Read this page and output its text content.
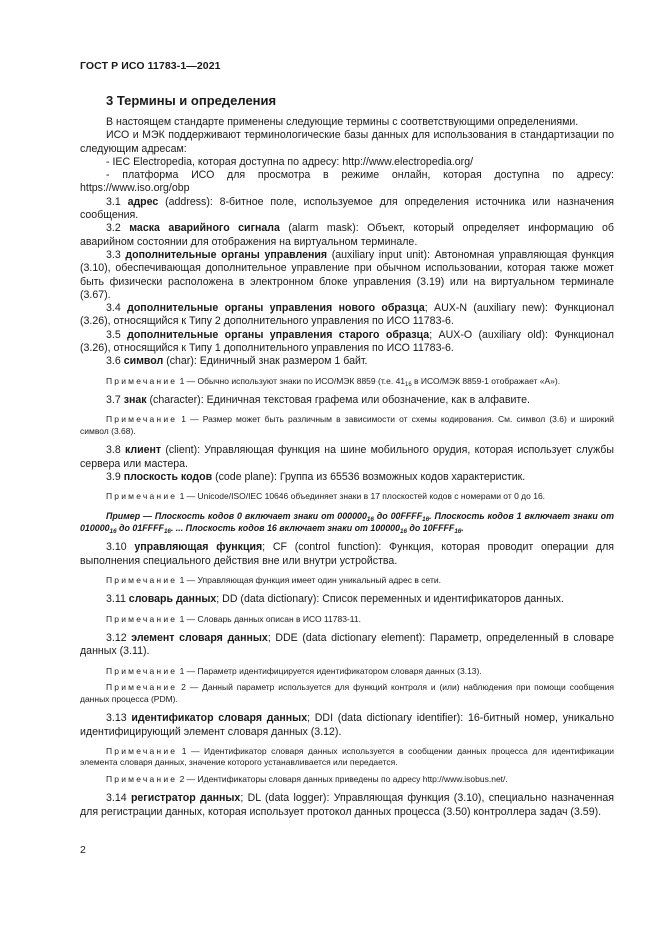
ГОСТ Р ИСО 11783-1—2021
3 Термины и определения

В настоящем стандарте применены следующие термины с соответствующими определениями.

ИСО и МЭК поддерживают терминологические базы данных для использования в стандартизации по следующим адресам:

- IEC Electropedia, которая доступна по адресу: http://www.electropedia.org/

- платформа ИСО для просмотра в режиме онлайн, которая доступна по адресу: https://www.iso.org/obp

3.1 адрес (address): 8-битное поле, используемое для определения источника или назначения сообщения.

3.2 маска аварийного сигнала (alarm mask): Объект, который определяет информацию об аварийном состоянии для отображения на виртуальном терминале.

3.3 дополнительные органы управления (auxiliary input unit): Автономная управляющая функция (3.10), обеспечивающая дополнительное управление при обычном использовании, которая также может быть физически расположена в электронном блоке управления (3.19) или на виртуальном терминале (3.67).

3.4 дополнительные органы управления нового образца; AUX-N (auxiliary new): Функционал (3.26), относящийся к Типу 2 дополнительного управления по ИСО 11783-6.

3.5 дополнительные органы управления старого образца; AUX-O (auxiliary old): Функционал (3.26), относящийся к Типу 1 дополнительного управления по ИСО 11783-6.

3.6 символ (char): Единичный знак размером 1 байт.

Примечание 1 — Обычно используют знаки по ИСО/МЭК 8859 (т.е. $41_{16}$ в ИСО/МЭК 8859-1 отображает «А»).

3.7 знак (character): Единичная текстовая графема или обозначение, как в алфавите.

Примечание 1 — Размер может быть различным в зависимости от схемы кодирования. См. символ (3.6) и широкий символ (3.68).

3.8 клиент (client): Управляющая функция на шине мобильного орудия, которая использует службы сервера или мастера.

3.9 плоскость кодов (code plane): Группа из 65536 возможных кодов характеристик.

Примечание 1 — Unicode/ISO/IEC 10646 объединяет знаки в 17 плоскостей кодов с номерами от 0 до 16.

Пример — Плоскость кодов 0 включает знаки от $000000_{16}$ до $00FFFF_{16}$. Плоскость кодов 1 включает знаки от $010000_{16}$ до $01FFFF_{16}$. ... Плоскость кодов 16 включает знаки от $100000_{16}$ до $10FFFF_{16}$.

3.10 управляющая функция; CF (control function): Функция, которая проводит операции для выполнения специального действия вне или внутри устройства.

Примечание 1 — Управляющая функция имеет один уникальный адрес в сети.

3.11 словарь данных; DD (data dictionary): Список переменных и идентификаторов данных.

Примечание 1 — Словарь данных описан в ИСО 11783-11.

3.12 элемент словаря данных; DDE (data dictionary element): Параметр, определенный в словаре данных (3.11).

Примечание 1 — Параметр идентифицируется идентификатором словаря данных (3.13).

Примечание 2 — Данный параметр используется для функций контроля и (или) наблюдения при помощи сообщения данных процесса (PDM).

3.13 идентификатор словаря данных; DDI (data dictionary identifier): 16-битный номер, уникально идентифицирующий элемент словаря данных (3.12).

Примечание 1 — Идентификатор словаря данных используется в сообщении данных процесса для идентификации элемента словаря данных, значение которого устанавливается или передается.

Примечание 2 — Идентификаторы словаря данных приведены по адресу http://www.isobus.net/.

3.14 регистратор данных; DL (data logger): Управляющая функция (3.10), специально назначенная для регистрации данных, которая использует протокол данных процесса (3.50) контроллера задач (3.59).

2
